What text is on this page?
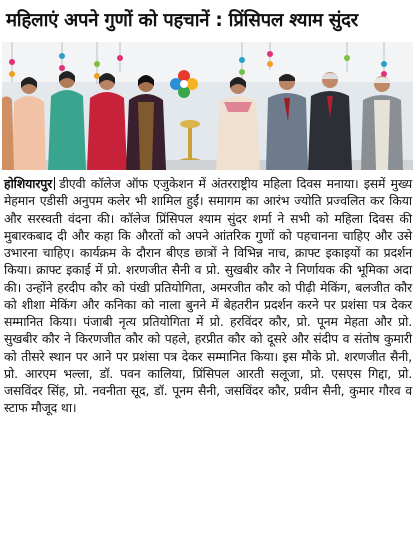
महिलाएं अपने गुणों को पहचानें : प्रिंसिपल श्याम सुंदर
होशियारपुर डीएवी कॉलेज ऑफ एजुकेशन में अंतरराष्ट्रीय महिला दिवस मनाया। इसमें मुख्य मेहमान एडीसी अनुपम कलेर भी शामिल हुईं। समागम का आरंभ ज्योति प्रज्वलित कर किया और सरस्वती वंदना की। कॉलेज प्रिंसिपल श्याम सुंदर शर्मा ने सभी को महिला दिवस की मुबारकबाद दी और कहा कि औरतों को अपने आंतरिक गुणों को पहचानना चाहिए और उसे उभारना चाहिए। कार्यक्रम के दौरान बीएड छात्रों ने विभिन्न नाच, क्राफ्ट इकाइयों का प्रदर्शन किया। क्राफ्ट इकाई में प्रो. शरणजीत सैनी व प्रो. सुखबीर कौर ने निर्णायक की भूमिका अदा की। उन्होंने हरदीप कौर को पंखी प्रतियोगिता, अमरजीत कौर को पीढ़ी मेकिंग, बलजीत कौर को शीशा मेकिंग और कनिका को नाला बुनने में बेहतरीन प्रदर्शन करने पर प्रशंसा पत्र देकर सम्मानित किया। पंजाबी नृत्य प्रतियोगिता में प्रो. हरविंदर कौर, प्रो. पूनम मेहता और प्रो. सुखबीर कौर ने किरणजीत कौर को पहले, हरप्रीत कौर को दूसरे और संदीप व संतोष कुमारी को तीसरे स्थान पर आने पर प्रशंसा पत्र देकर सम्मानित किया। इस मौके प्रो. शरणजीत सैनी, प्रो. आरएम भल्ला, डॉ. पवन कालिया, प्रिंसिपल आरती सलूजा, प्रो. एसएस गिद्दा, प्रो. जसविंदर सिंह, प्रो. नवनीता सूद, डॉ. पूनम सैनी, जसविंदर कौर, प्रवीन सैनी, कुमार गौरव व स्टाफ मौजूद था।
